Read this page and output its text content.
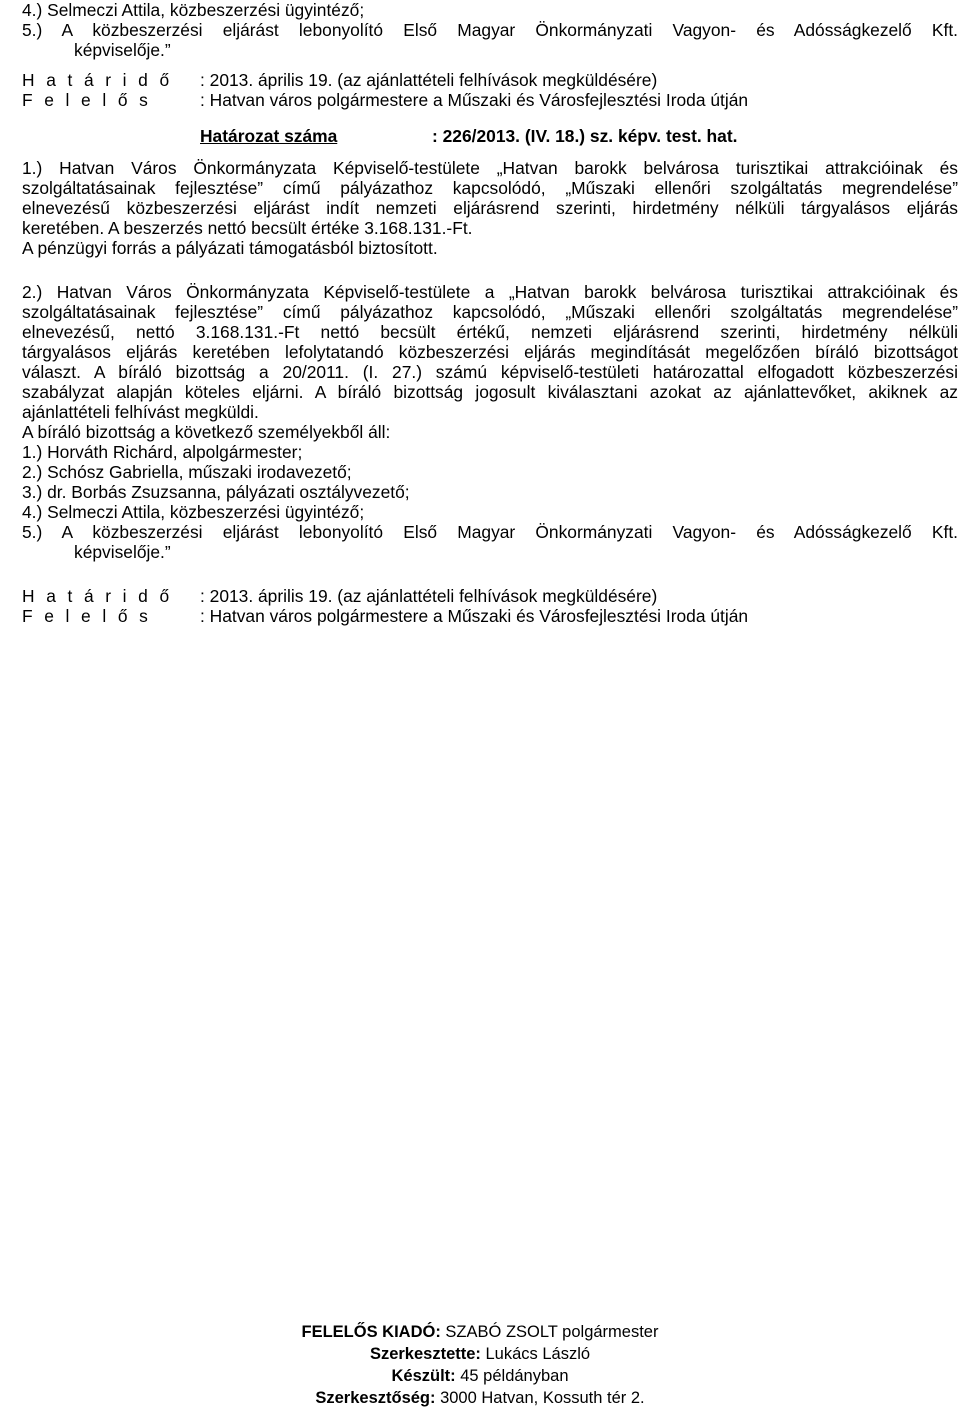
4.) Selmeczi Attila, közbeszerzési ügyintéző;
5.) A közbeszerzési eljárást lebonyolító Első Magyar Önkormányzati Vagyon- és Adósságkezelő Kft.
képviselője.”
H a t á r i d ő : 2013. április 19. (az ajánlattételi felhívások megküldésére)
F e l e l ő s	: Hatvan város polgármestere a Műszaki és Városfejlesztési Iroda útján
Határozat száma	: 226/2013. (IV. 18.) sz. képv. test. hat.
1.) Hatvan Város Önkormányzata Képviselő-testülete „Hatvan barokk belvárosa turisztikai attrakcióinak és
szolgáltatásainak fejlesztése” című pályázathoz kapcsolódó, „Műszaki ellenőri szolgáltatás megrendelése”
elnevezésű közbeszerzési eljárást indít nemzeti eljárásrend szerinti, hirdetmény nélküli tárgyalásos eljárás
keretében. A beszerzés nettó becsült értéke 3.168.131.-Ft.
A pénzügyi forrás a pályázati támogatásból biztosított.
2.) Hatvan Város Önkormányzata Képviselő-testülete a „Hatvan barokk belvárosa turisztikai attrakcióinak és
szolgáltatásainak fejlesztése” című pályázathoz kapcsolódó, „Műszaki ellenőri szolgáltatás megrendelése”
elnevezésű, nettó 3.168.131.-Ft nettó becsült értékű, nemzeti eljárásrend szerinti, hirdetmény nélküli
tárgyalásos eljárás keretében lefolytatandó közbeszerzési eljárás megindítását megelőzően bíráló bizottságot
választ. A bíráló bizottság a 20/2011. (I. 27.) számú képviselő-testületi határozattal elfogadott közbeszerzési
szabályzat alapján köteles eljárni. A bíráló bizottság jogosult kiválasztani azokat az ajánlattevőket, akiknek az
ajánlattételi felhívást megküldi.
A bíráló bizottság a következő személyekből áll:
1.) Horváth Richárd, alpolgármester;
2.) Schósz Gabriella, műszaki irodavezető;
3.) dr. Borbás Zsuzsanna, pályázati osztályvezető;
4.) Selmeczi Attila, közbeszerzési ügyintéző;
5.) A közbeszerzési eljárást lebonyolító Első Magyar Önkormányzati Vagyon- és Adósságkezelő Kft.
képviselője.”
H a t á r i d ő : 2013. április 19. (az ajánlattételi felhívások megküldésére)
F e l e l ő s	: Hatvan város polgármestere a Műszaki és Városfejlesztési Iroda útján
FELELŐS KIADÓ: SZABÓ ZSOLT polgármester
Szerkesztette: Lukács László
Készült: 45 példányban
Szerkesztőség: 3000 Hatvan, Kossuth tér 2.
